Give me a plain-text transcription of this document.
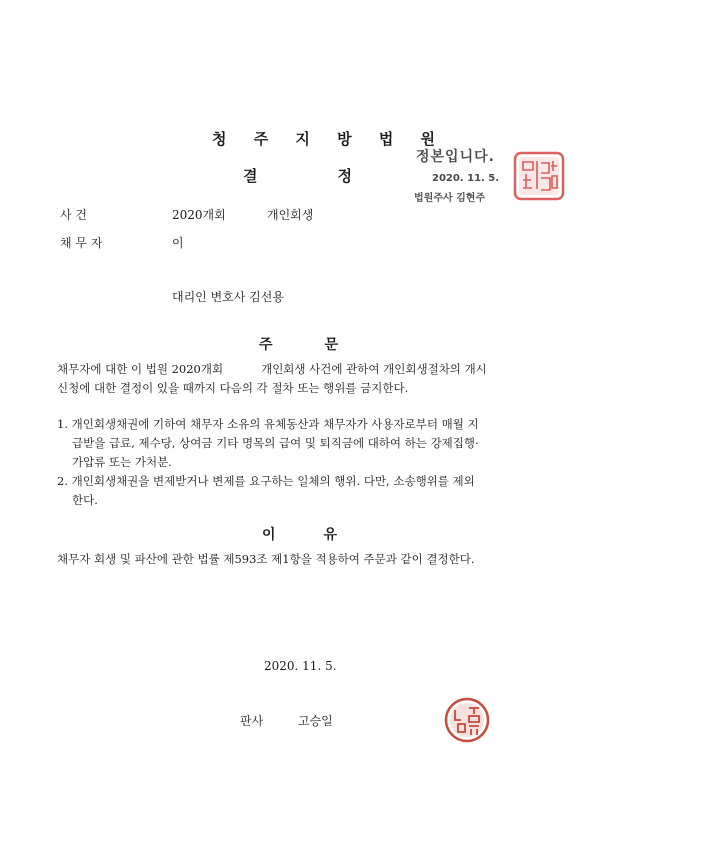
청 주 지 방 법 원
결	정
정본입니다.
2020. 11. 5.
법원주사 김현주
사 건	2020개회	개인회생
채 무 자	이
대리인 변호사 김선용
주	문
채무자에 대한 이 법원 2020개회	개인회생 사건에 관하여 개인회생절차의 개시
신청에 대한 결정이 있을 때까지 다음의 각 절차 또는 행위를 금지한다.
1. 개인회생채권에 기하여 채무자 소유의 유체동산과 채무자가 사용자로부터 매월 지
급받을 급료, 제수당, 상여금 기타 명목의 급여 및 퇴직금에 대하여 하는 강제집행·
가압류 또는 가처분.
2. 개인회생채권을 변제받거나 변제를 요구하는 일체의 행위. 다만, 소송행위를 제외
한다.
이	유
채무자 회생 및 파산에 관한 법률 제593조 제1항을 적용하여 주문과 같이 결정한다.
2020. 11. 5.
판사	고승일
